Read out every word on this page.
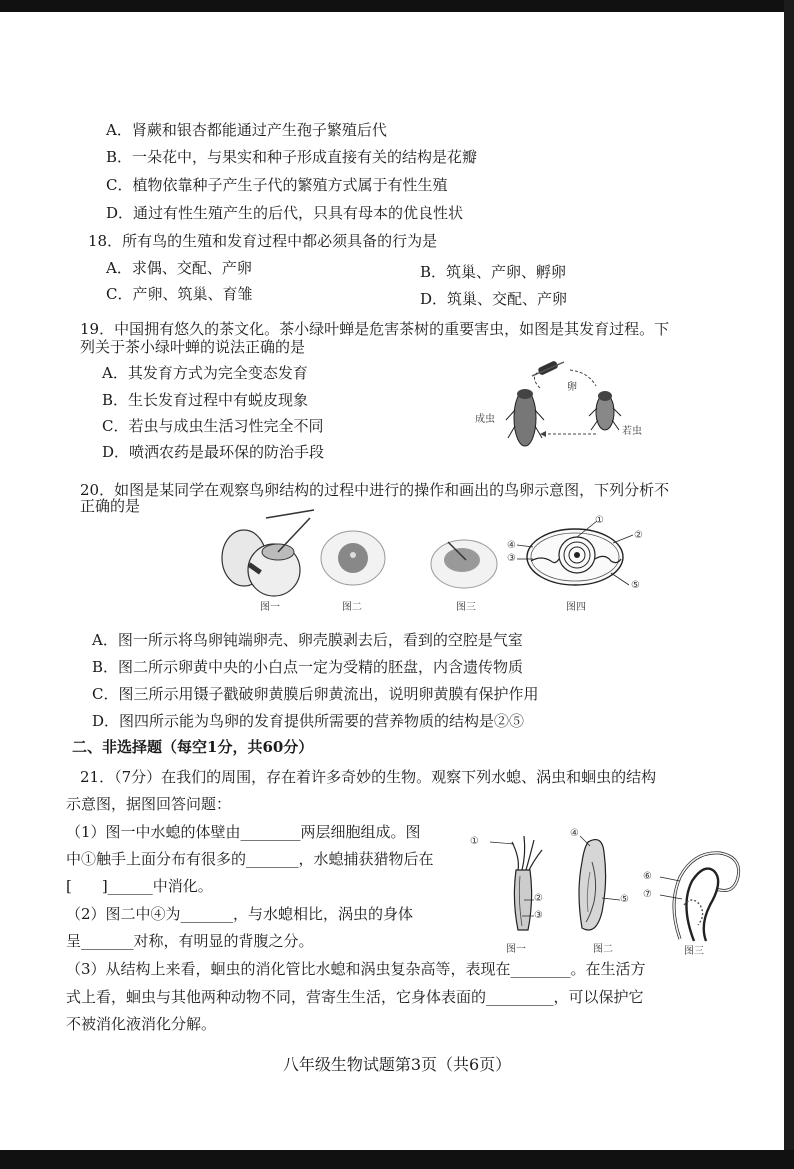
A．肾蕨和银杏都能通过产生孢子繁殖后代
B．一朵花中，与果实和种子形成直接有关的结构是花瓣
C．植物依靠种子产生子代的繁殖方式属于有性生殖
D．通过有性生殖产生的后代，只具有母本的优良性状
18．所有鸟的生殖和发育过程中都必须具备的行为是
A．求偶、交配、产卵	B．筑巢、产卵、孵卵
C．产卵、筑巢、育雏	D．筑巢、交配、产卵
19．中国拥有悠久的茶文化。茶小绿叶蝉是危害茶树的重要害虫，如图是其发育过程。下
列关于茶小绿叶蝉的说法正确的是
A．其发育方式为完全变态发育
B．生长发育过程中有蜕皮现象
C．若虫与成虫生活习性完全不同
D．喷洒农药是最环保的防治手段
卵
成虫
若虫
20．如图是某同学在观察鸟卵结构的过程中进行的操作和画出的鸟卵示意图，下列分析不
正确的是
①
②
④
③
⑤
图一	图二	图三	图四
A．图一所示将鸟卵钝端卵壳、卵壳膜剥去后，看到的空腔是气室
B．图二所示卵黄中央的小白点一定为受精的胚盘，内含遗传物质
C．图三所示用镊子戳破卵黄膜后卵黄流出，说明卵黄膜有保护作用
D．图四所示能为鸟卵的发育提供所需要的营养物质的结构是②⑤
二、非选择题（每空1分，共60分）
21．（7分）在我们的周围，存在着许多奇妙的生物。观察下列水螅、涡虫和蛔虫的结构
示意图，据图回答问题：
（1）图一中水螅的体壁由________两层细胞组成。图
中①触手上面分布有很多的_______，水螅捕获猎物后在
[　　]______中消化。
（2）图二中④为_______，与水螅相比，涡虫的身体
呈_______对称，有明显的背腹之分。
（3）从结构上来看，蛔虫的消化管比水螅和涡虫复杂高等，表现在________。在生活方
式上看，蛔虫与其他两种动物不同，营寄生生活，它身体表面的_________，可以保护它
不被消化液消化分解。
①
②
③
④
⑤
⑥
⑦
图一	图二	图三
八年级生物试题第3页（共6页）
